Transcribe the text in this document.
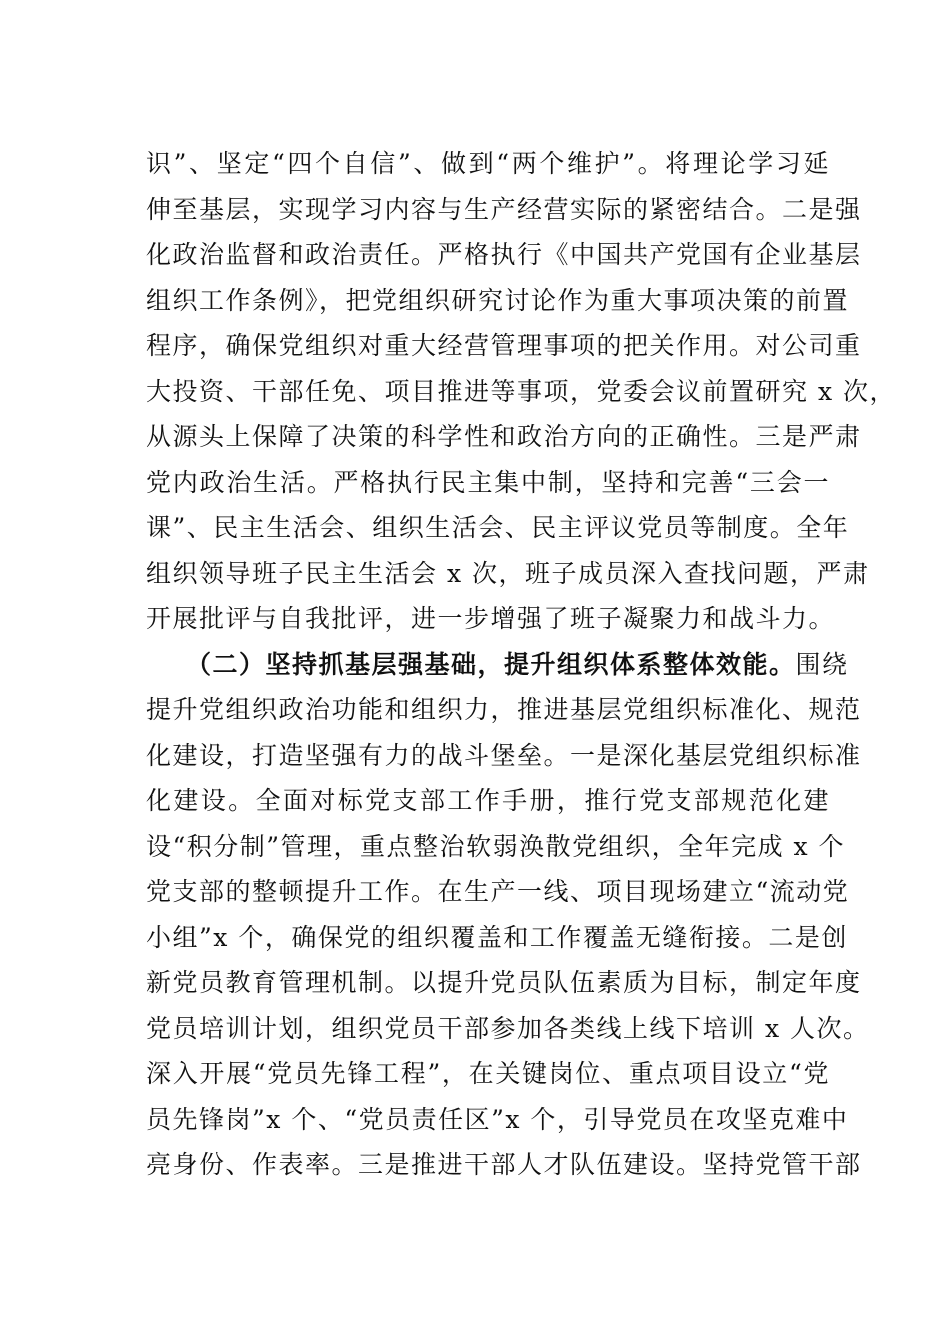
识”、坚定“四个自信”、做到“两个维护”。将理论学习延
伸至基层，实现学习内容与生产经营实际的紧密结合。二是强
化政治监督和政治责任。严格执行《中国共产党国有企业基层
组织工作条例》，把党组织研究讨论作为重大事项决策的前置
程序，确保党组织对重大经营管理事项的把关作用。对公司重
大投资、干部任免、项目推进等事项，党委会议前置研究 x 次，
从源头上保障了决策的科学性和政治方向的正确性。三是严肃
党内政治生活。严格执行民主集中制，坚持和完善“三会一
课”、民主生活会、组织生活会、民主评议党员等制度。全年
组织领导班子民主生活会 x 次，班子成员深入查找问题，严肃
开展批评与自我批评，进一步增强了班子凝聚力和战斗力。
（二）坚持抓基层强基础，提升组织体系整体效能。围绕
提升党组织政治功能和组织力，推进基层党组织标准化、规范
化建设，打造坚强有力的战斗堡垒。一是深化基层党组织标准
化建设。全面对标党支部工作手册，推行党支部规范化建
设“积分制”管理，重点整治软弱涣散党组织，全年完成 x 个
党支部的整顿提升工作。在生产一线、项目现场建立“流动党
小组”x 个，确保党的组织覆盖和工作覆盖无缝衔接。二是创
新党员教育管理机制。以提升党员队伍素质为目标，制定年度
党员培训计划，组织党员干部参加各类线上线下培训 x 人次。
深入开展“党员先锋工程”，在关键岗位、重点项目设立“党
员先锋岗”x 个、“党员责任区”x 个，引导党员在攻坚克难中
亮身份、作表率。三是推进干部人才队伍建设。坚持党管干部
